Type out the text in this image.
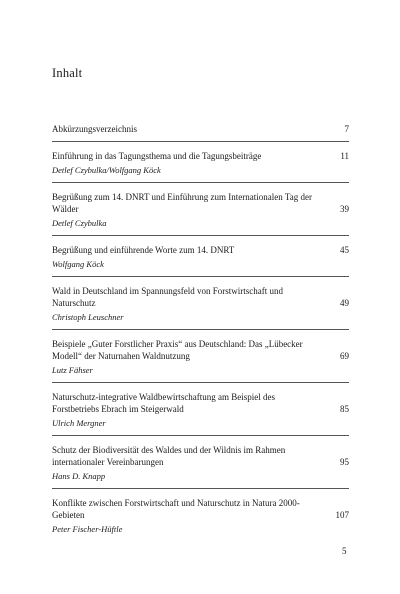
Inhalt
Abkürzungsverzeichnis	7
Einführung in das Tagungsthema und die Tagungsbeiträge	11
Detlef Czybulka/Wolfgang Köck
Begrüßung zum 14. DNRT und Einführung zum Internationalen Tag der Wälder	39
Detlef Czybulka
Begrüßung und einführende Worte zum 14. DNRT	45
Wolfgang Köck
Wald in Deutschland im Spannungsfeld von Forstwirtschaft und Naturschutz	49
Christoph Leuschner
Beispiele „Guter Forstlicher Praxis“ aus Deutschland: Das „Lübecker Modell“ der Naturnahen Waldnutzung	69
Lutz Fähser
Naturschutz-integrative Waldbewirtschaftung am Beispiel des Forstbetriebs Ebrach im Steigerwald	85
Ulrich Mergner
Schutz der Biodiversität des Waldes und der Wildnis im Rahmen internationaler Vereinbarungen	95
Hans D. Knapp
Konflikte zwischen Forstwirtschaft und Naturschutz in Natura 2000-Gebieten	107
Peter Fischer-Hüftle
5
